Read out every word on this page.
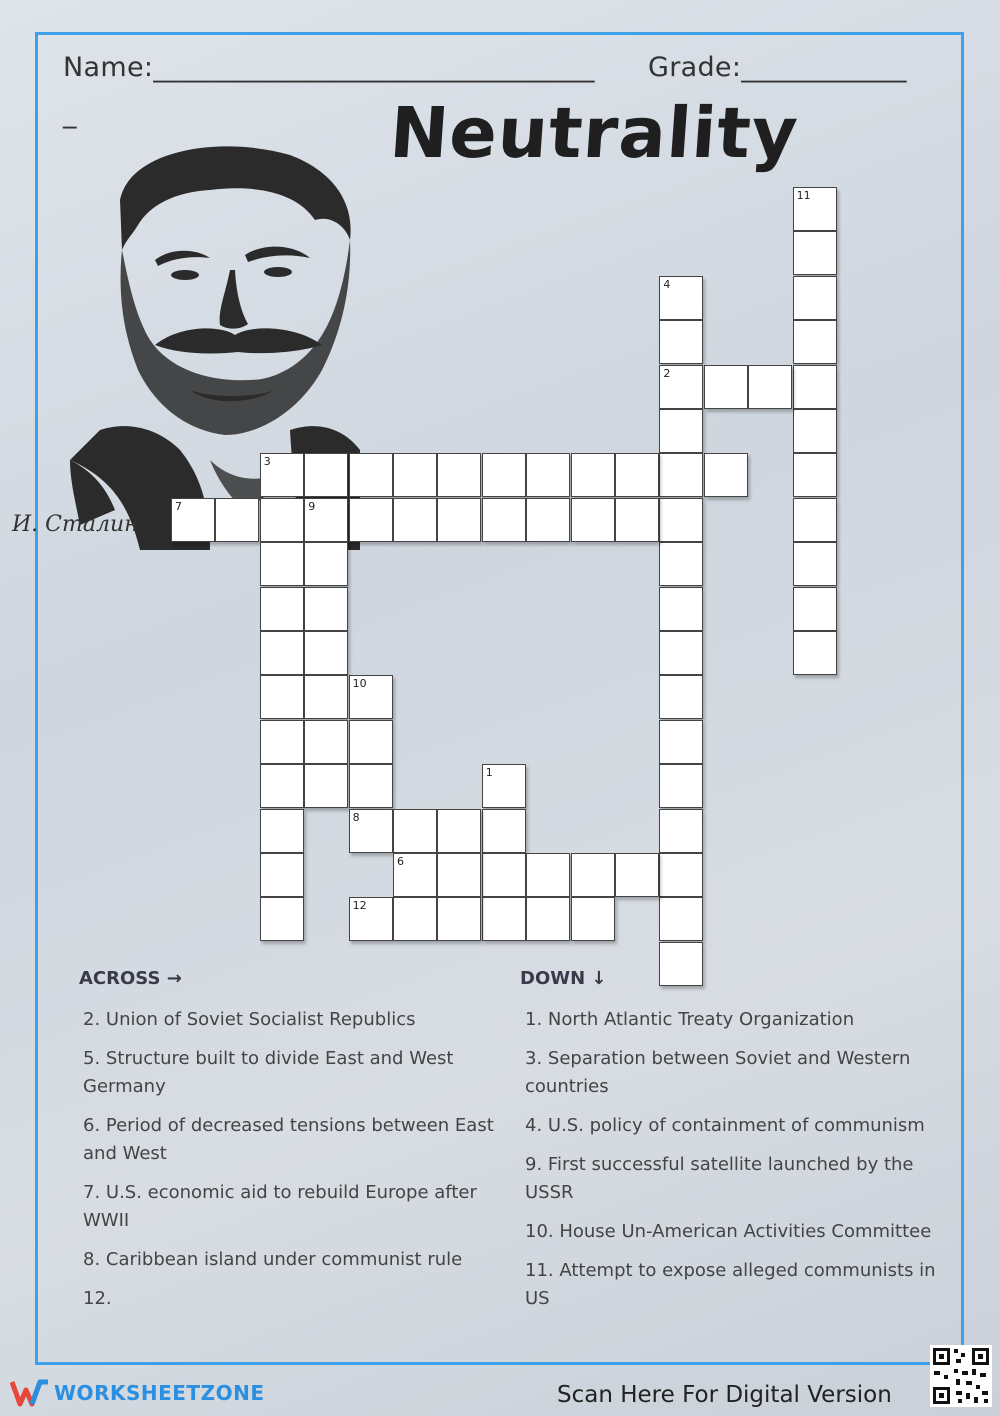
Name:________________________________ Grade:____________
_	Neutrality
И. Сталин
11
4
2
3
7	9
10
1
8
6
12
ACROSS →	DOWN ↓
2. Union of Soviet Socialist Republics
5. Structure built to divide East and West Germany
6. Period of decreased tensions between East and West
7. U.S. economic aid to rebuild Europe after WWII
8. Caribbean island under communist rule
12.
1. North Atlantic Treaty Organization
3. Separation between Soviet and Western countries
4. U.S. policy of containment of communism
9. First successful satellite launched by the USSR
10. House Un-American Activities Committee
11. Attempt to expose alleged communists in US
WORKSHEETZONE	Scan Here For Digital Version
